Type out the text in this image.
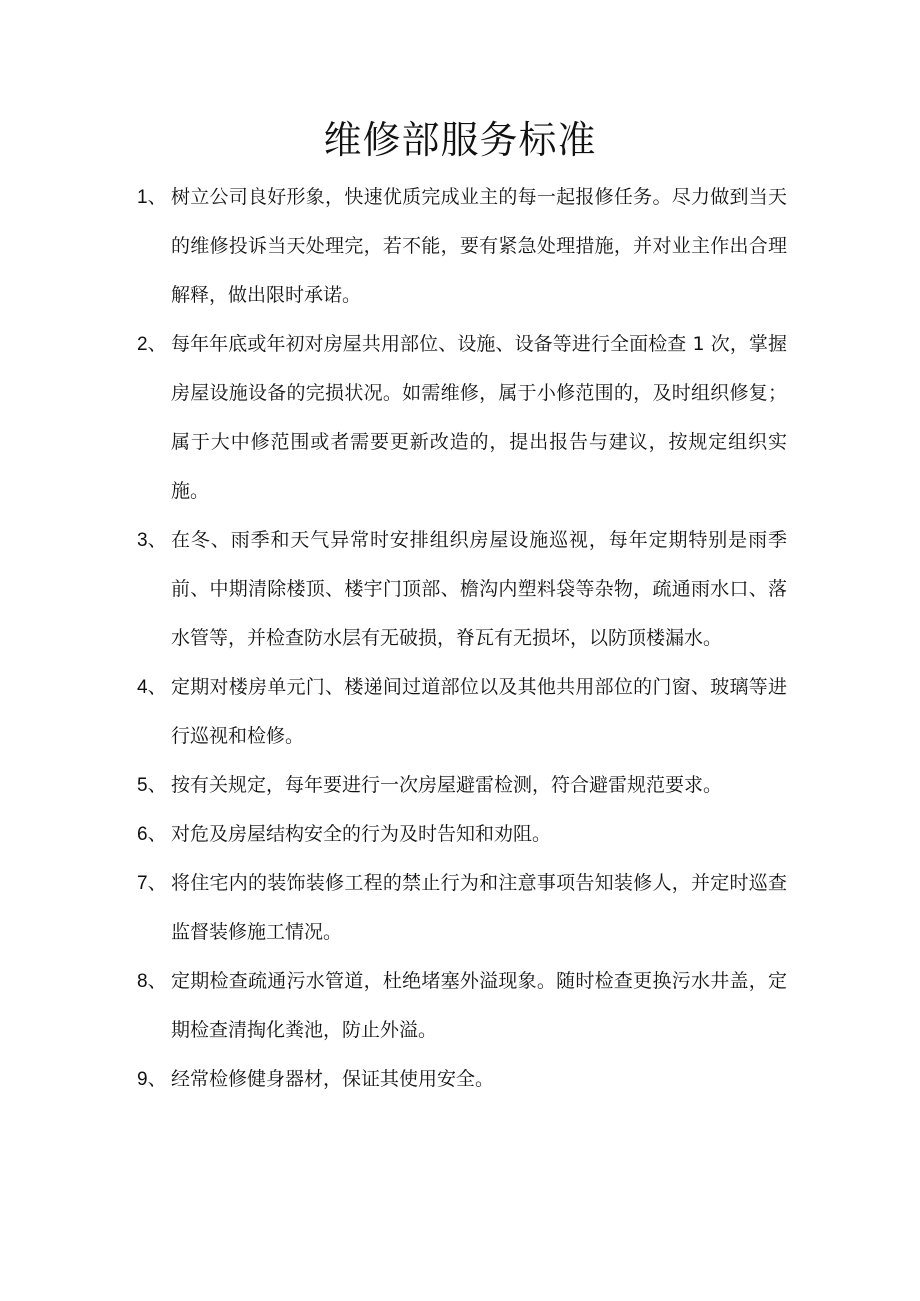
维修部服务标准
1、 树立公司良好形象，快速优质完成业主的每一起报修任务。尽力做到当天的维修投诉当天处理完，若不能，要有紧急处理措施，并对业主作出合理解释，做出限时承诺。
2、 每年年底或年初对房屋共用部位、设施、设备等进行全面检查 1 次，掌握房屋设施设备的完损状况。如需维修，属于小修范围的，及时组织修复；属于大中修范围或者需要更新改造的，提出报告与建议，按规定组织实施。
3、 在冬、雨季和天气异常时安排组织房屋设施巡视，每年定期特别是雨季前、中期清除楼顶、楼宇门顶部、檐沟内塑料袋等杂物，疏通雨水口、落水管等，并检查防水层有无破损，脊瓦有无损坏，以防顶楼漏水。
4、 定期对楼房单元门、楼递间过道部位以及其他共用部位的门窗、玻璃等进行巡视和检修。
5、 按有关规定，每年要进行一次房屋避雷检测，符合避雷规范要求。
6、 对危及房屋结构安全的行为及时告知和劝阻。
7、 将住宅内的装饰装修工程的禁止行为和注意事项告知装修人，并定时巡查监督装修施工情况。
8、 定期检查疏通污水管道，杜绝堵塞外溢现象。随时检查更换污水井盖，定期检查清掏化粪池，防止外溢。
9、 经常检修健身器材，保证其使用安全。
